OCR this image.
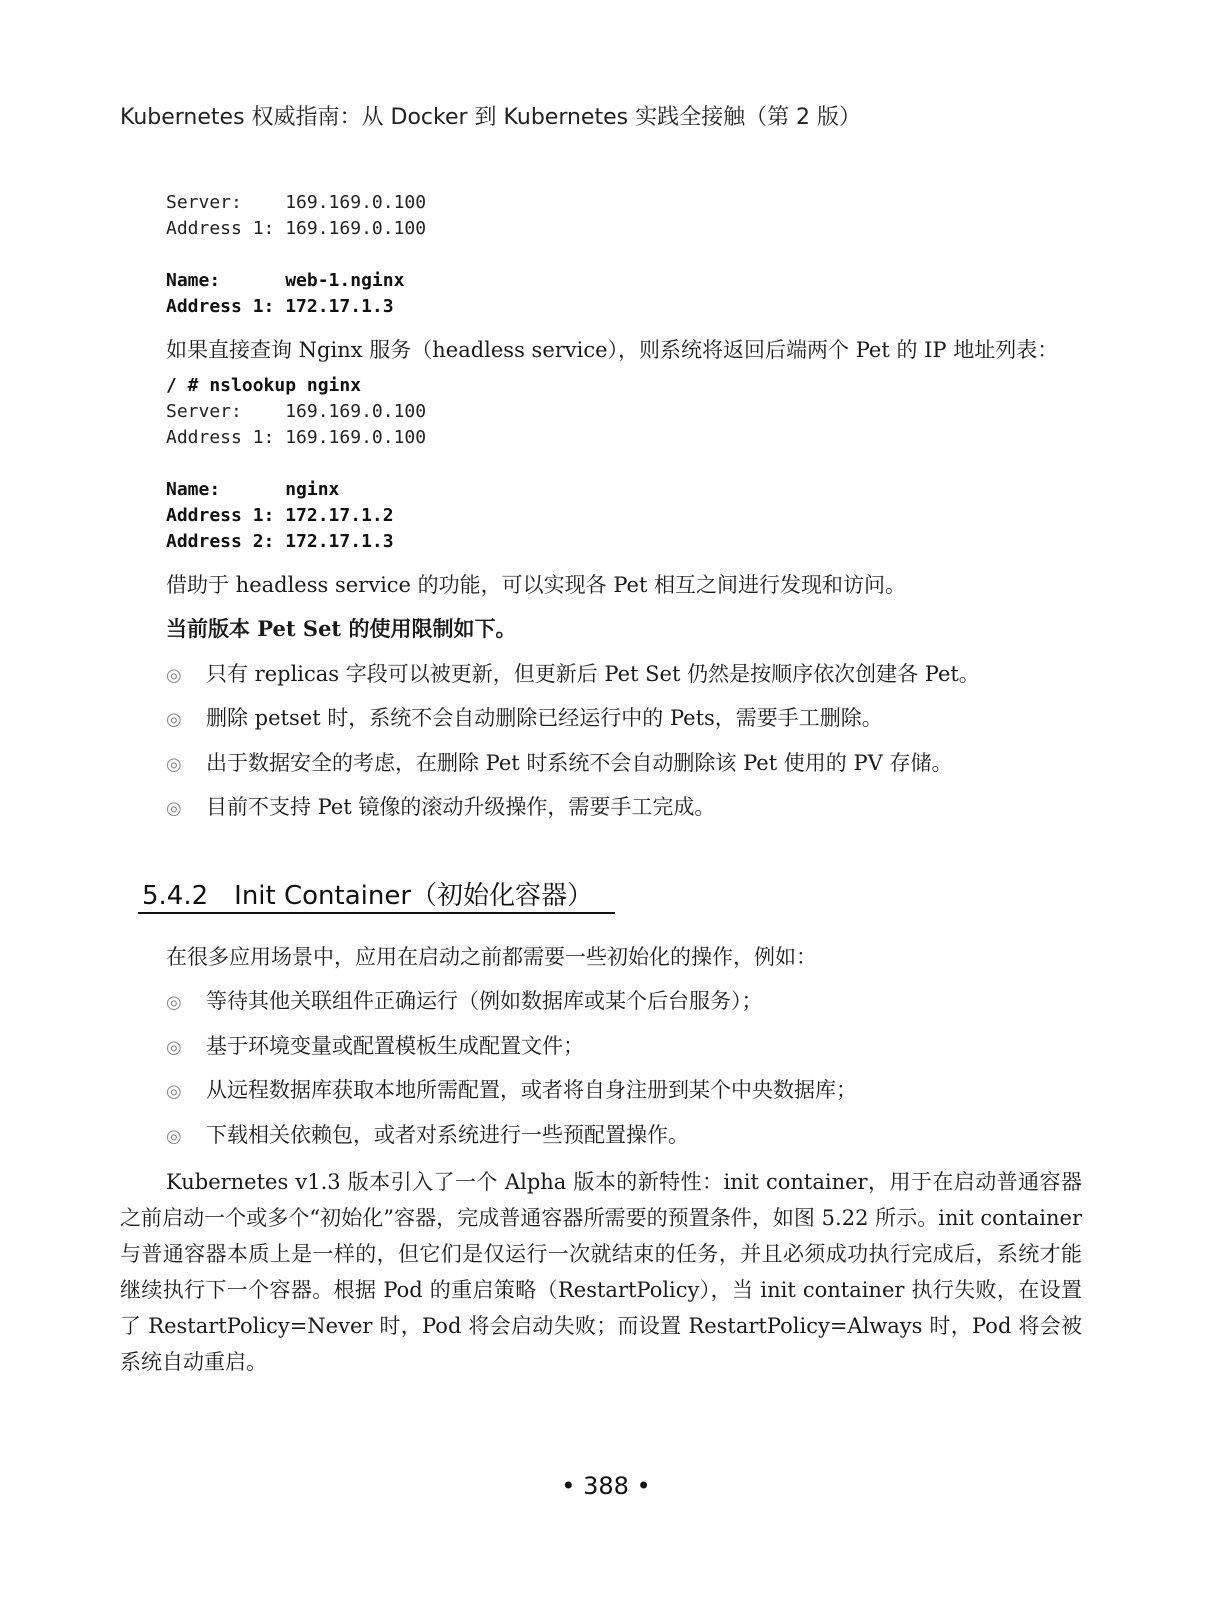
Kubernetes 权威指南：从 Docker 到 Kubernetes 实践全接触（第 2 版）
Server:    169.169.0.100
Address 1: 169.169.0.100
Name:      web-1.nginx
Address 1: 172.17.1.3
如果直接查询 Nginx 服务（headless service），则系统将返回后端两个 Pet 的 IP 地址列表：
/ # nslookup nginx
Server:    169.169.0.100
Address 1: 169.169.0.100
Name:      nginx
Address 1: 172.17.1.2
Address 2: 172.17.1.3
借助于 headless service 的功能，可以实现各 Pet 相互之间进行发现和访问。
当前版本 Pet Set 的使用限制如下。
◎ 只有 replicas 字段可以被更新，但更新后 Pet Set 仍然是按顺序依次创建各 Pet。
◎ 删除 petset 时，系统不会自动删除已经运行中的 Pets，需要手工删除。
◎ 出于数据安全的考虑，在删除 Pet 时系统不会自动删除该 Pet 使用的 PV 存储。
◎ 目前不支持 Pet 镜像的滚动升级操作，需要手工完成。
5.4.2 Init Container（初始化容器）
在很多应用场景中，应用在启动之前都需要一些初始化的操作，例如：
◎ 等待其他关联组件正确运行（例如数据库或某个后台服务）；
◎ 基于环境变量或配置模板生成配置文件；
◎ 从远程数据库获取本地所需配置，或者将自身注册到某个中央数据库；
◎ 下载相关依赖包，或者对系统进行一些预配置操作。
Kubernetes v1.3 版本引入了一个 Alpha 版本的新特性：init container，用于在启动普通容器之前启动一个或多个“初始化”容器，完成普通容器所需要的预置条件，如图 5.22 所示。init container 与普通容器本质上是一样的，但它们是仅运行一次就结束的任务，并且必须成功执行完成后，系统才能继续执行下一个容器。根据 Pod 的重启策略（RestartPolicy），当 init container 执行失败，在设置了 RestartPolicy=Never 时，Pod 将会启动失败；而设置 RestartPolicy=Always 时，Pod 将会被系统自动重启。
• 388 •
